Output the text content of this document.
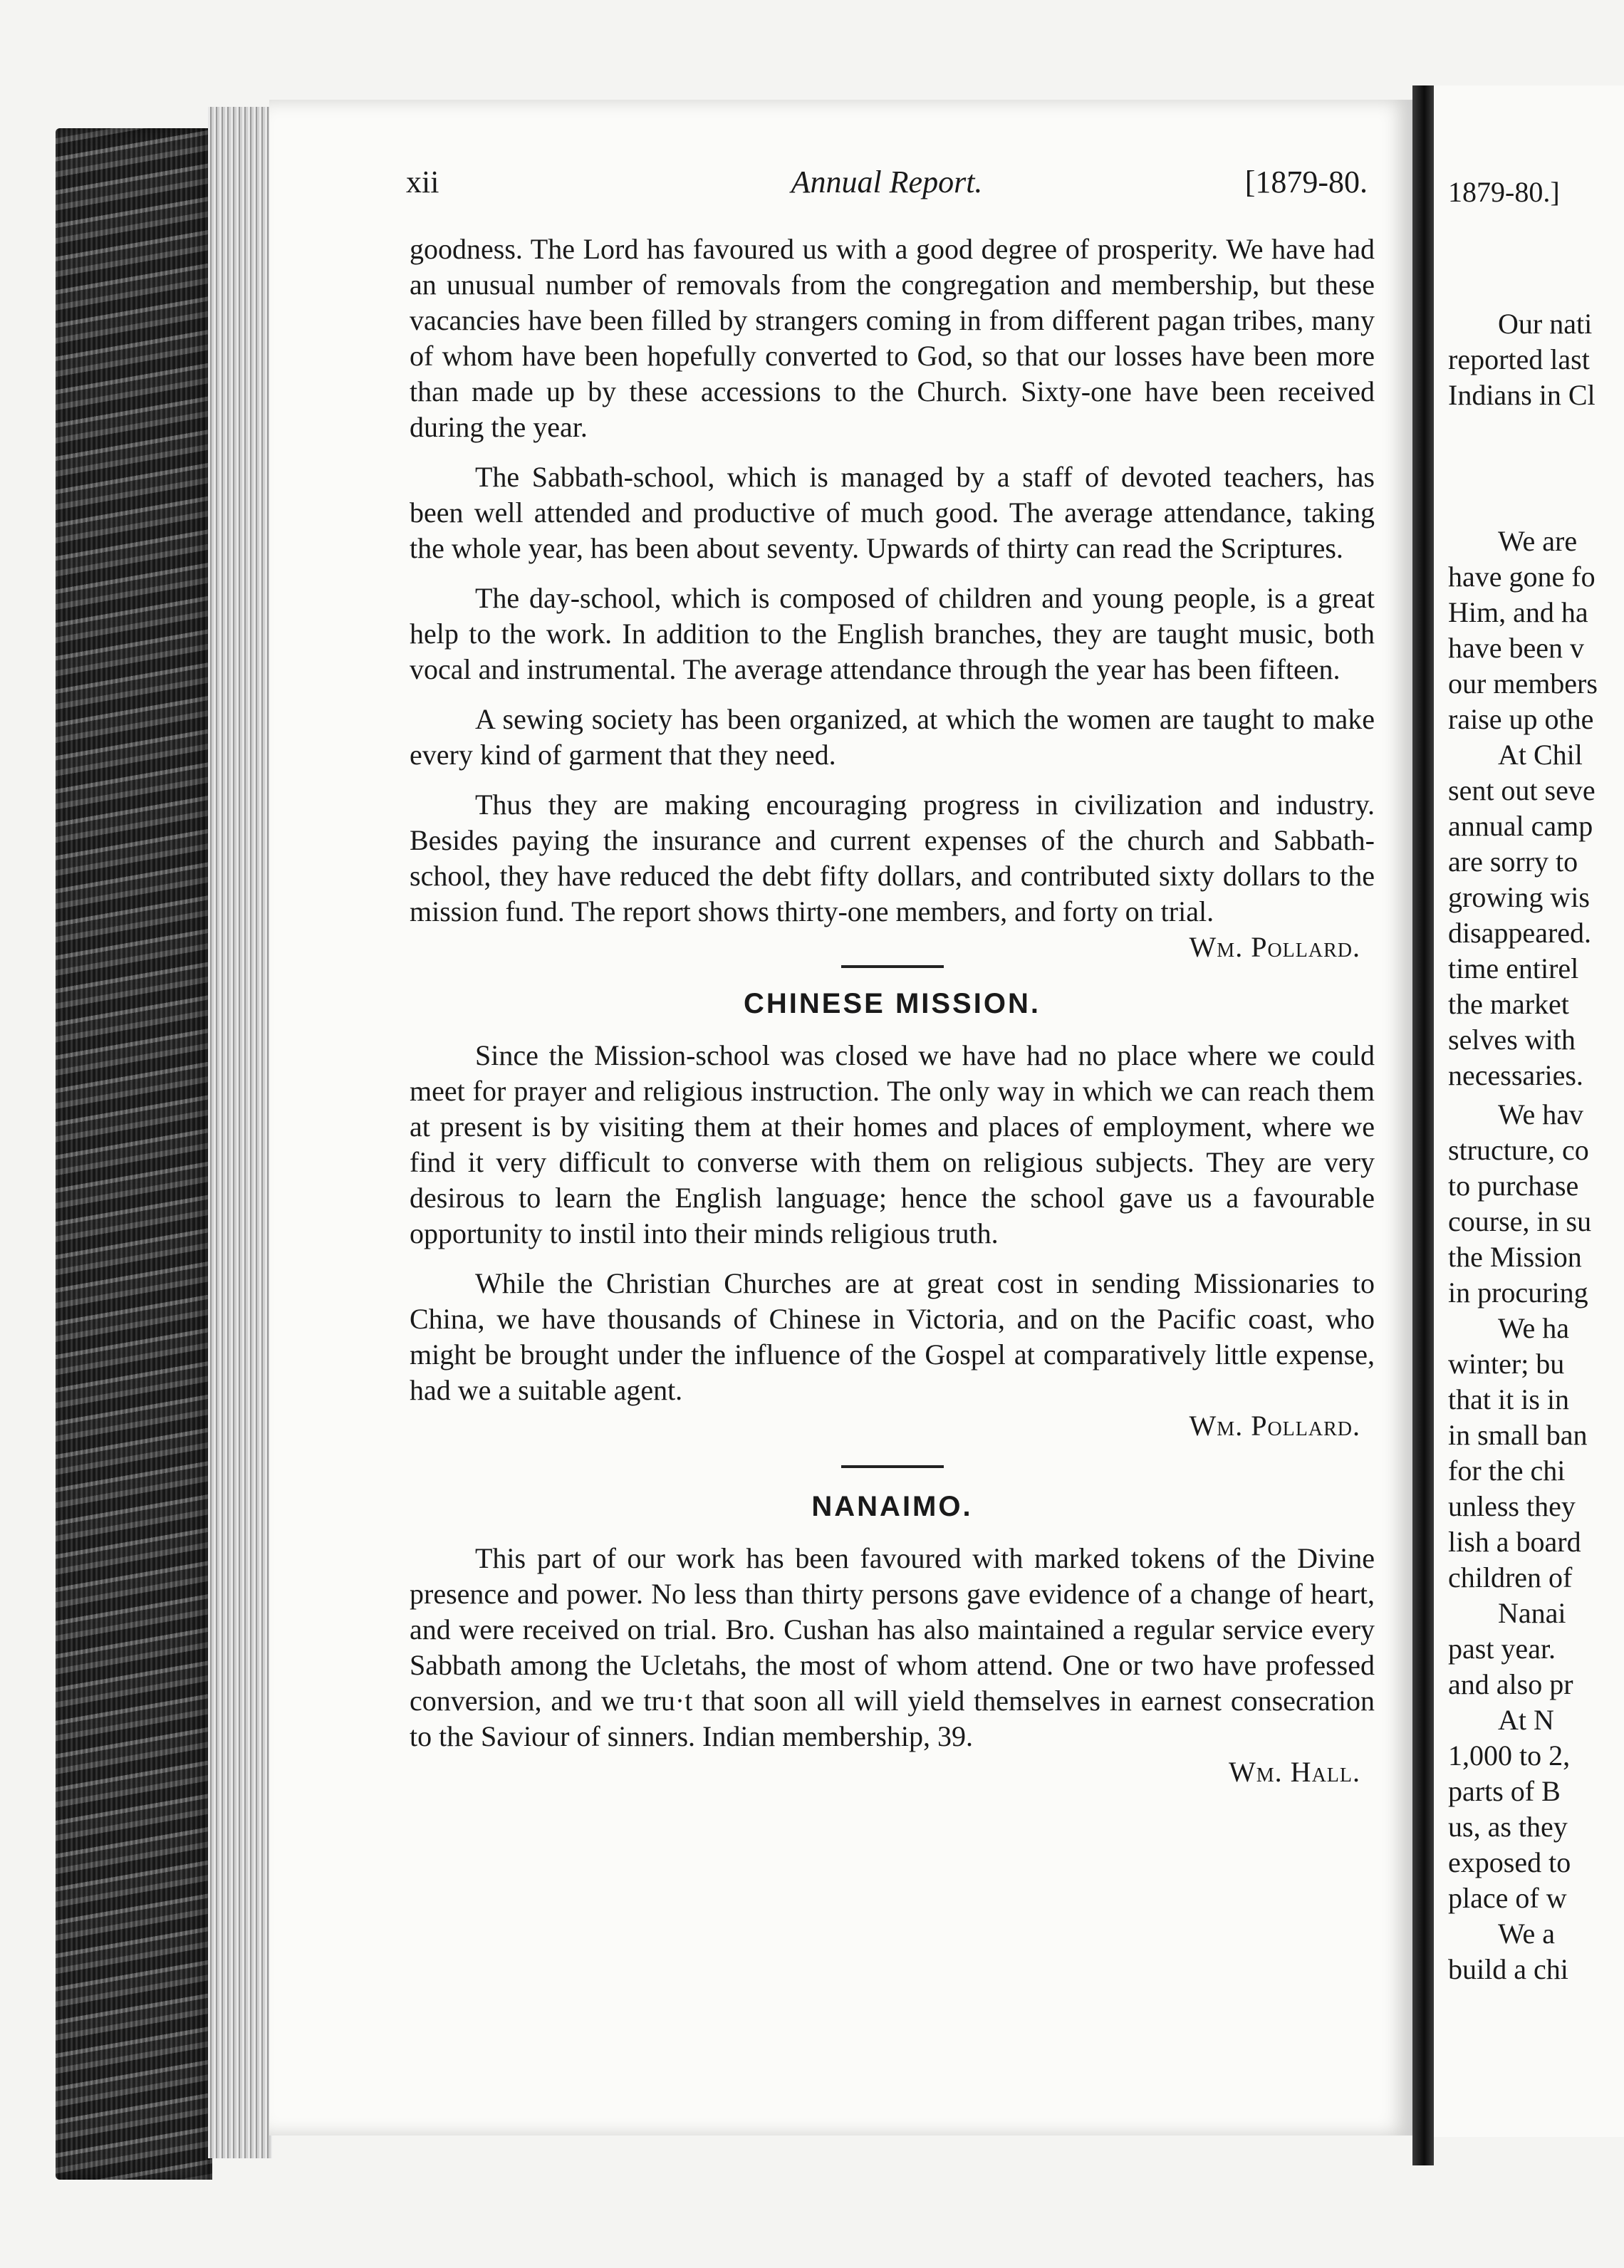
xii	Annual Report.	[1879-80.

goodness. The Lord has favoured us with a good degree of prosperity. We have had an unusual number of removals from the congregation and membership, but these vacancies have been filled by strangers coming in from different pagan tribes, many of whom have been hopefully converted to God, so that our losses have been more than made up by these accessions to the Church. Sixty-one have been received during the year.

The Sabbath-school, which is managed by a staff of devoted teachers, has been well attended and productive of much good. The average attendance, taking the whole year, has been about seventy. Upwards of thirty can read the Scriptures.

The day-school, which is composed of children and young people, is a great help to the work. In addition to the English branches, they are taught music, both vocal and instrumental. The average attendance through the year has been fifteen.

A sewing society has been organized, at which the women are taught to make every kind of garment that they need.

Thus they are making encouraging progress in civilization and industry. Besides paying the insurance and current expenses of the church and Sabbath-school, they have reduced the debt fifty dollars, and contributed sixty dollars to the mission fund. The report shows thirty-one members, and forty on trial.
Wm. Pollard.

CHINESE MISSION.

Since the Mission-school was closed we have had no place where we could meet for prayer and religious instruction. The only way in which we can reach them at present is by visiting them at their homes and places of employment, where we find it very difficult to converse with them on religious subjects. They are very desirous to learn the English language; hence the school gave us a favourable opportunity to instil into their minds religious truth.

While the Christian Churches are at great cost in sending Missionaries to China, we have thousands of Chinese in Victoria, and on the Pacific coast, who might be brought under the influence of the Gospel at comparatively little expense, had we a suitable agent.

Wm. Pollard.
NANAIMO.

This part of our work has been favoured with marked tokens of the Divine presence and power. No less than thirty persons gave evidence of a change of heart, and were received on trial. Bro. Cushan has also maintained a regular service every Sabbath among the Ucletahs, the most of whom attend. One or two have professed conversion, and we tru·t that soon all will yield themselves in earnest consecration to the Saviour of sinners. Indian membership, 39.

Wm. Hall.
1879-80.]
Our nati
reported last
Indians in Cl
We are
have gone fo
Him, and ha
have been v
our members
raise up othe
At Chil
sent out seve
annual camp
are sorry to
growing wis
disappeared.
time entirel
the market
selves with
necessaries.
We hav
structure, co
to purchase
course, in su
the Mission
in procuring
We ha
winter; bu
that it is in
in small ban
for the chi
unless they
lish a board
children of
Nanai
past year.
and also pr
At N
1,000 to 2,
parts of B
us, as they
exposed to
place of w
We a
build a chi
